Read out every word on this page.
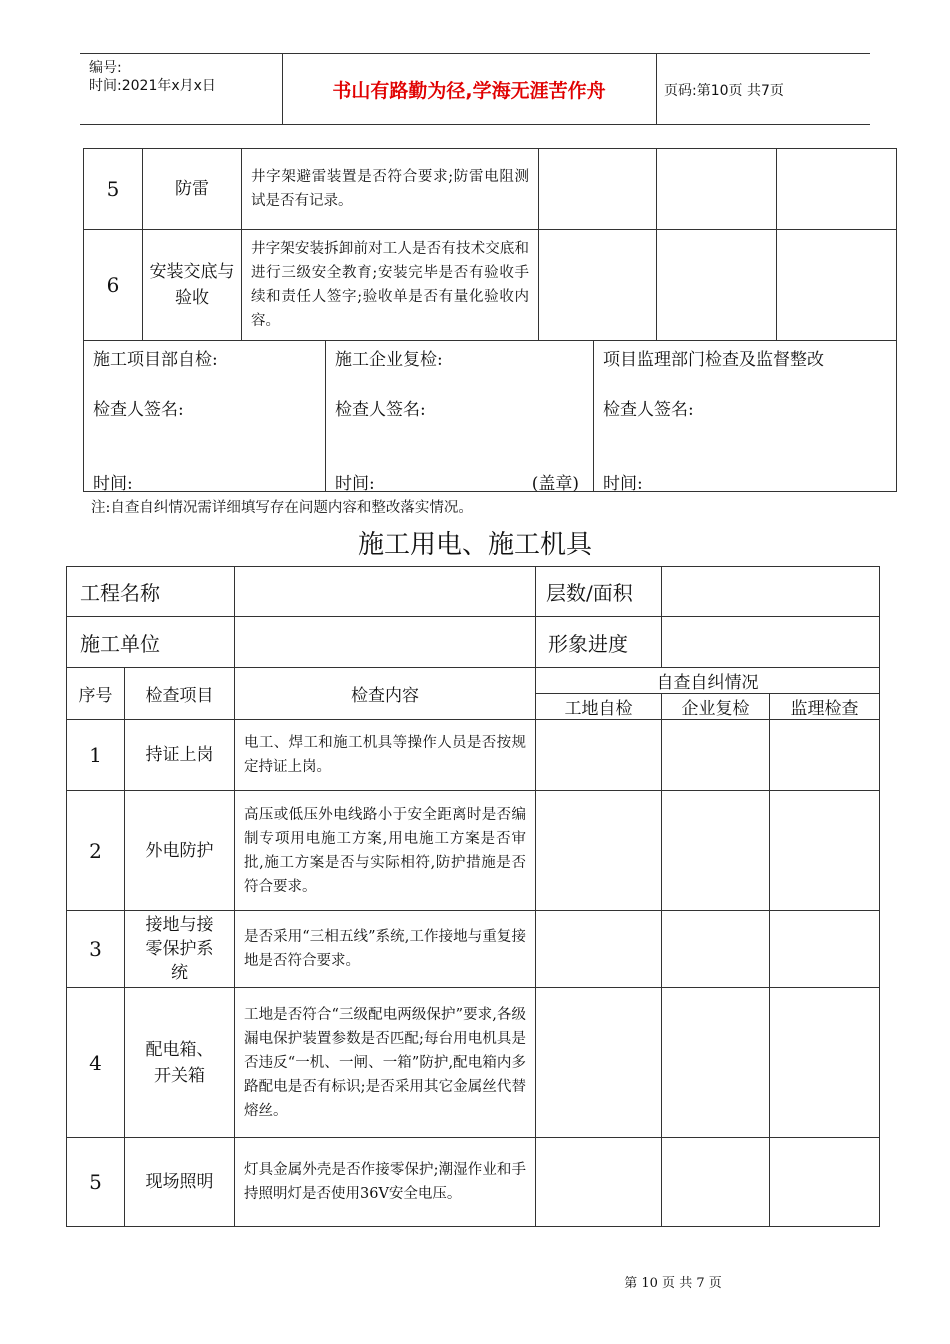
编号:
时间:2021年x月x日	书山有路勤为径,学海无涯苦作舟	页码:第10页 共7页
5	防雷	井字架避雷装置是否符合要求;防雷电阻测试是否有记录。			
6	安装交底与验收	井字架安装拆卸前对工人是否有技术交底和进行三级安全教育;安装完毕是否有验收手续和责任人签字;验收单是否有量化验收内容。			
施工项目部自检:
检查人签名:
时间:

施工企业复检:
检查人签名:
时间:	(盖章)

项目监理部门检查及监督整改
检查人签名:
时间:
注:自查自纠情况需详细填写存在问题内容和整改落实情况。
施工用电、施工机具
工程名称			层数/面积		
施工单位			形象进度		
序号	检查项目	检查内容	自查自纠情况		
			工地自检	企业复检	监理检查
1	持证上岗	电工、焊工和施工机具等操作人员是否按规定持证上岗。			
2	外电防护	高压或低压外电线路小于安全距离时是否编制专项用电施工方案,用电施工方案是否审批,施工方案是否与实际相符,防护措施是否符合要求。			
3	接地与接零保护系统	是否采用“三相五线”系统,工作接地与重复接地是否符合要求。			
4	配电箱、开关箱	工地是否符合“三级配电两级保护”要求,各级漏电保护装置参数是否匹配;每台用电机具是否违反“一机、一闸、一箱”防护,配电箱内多路配电是否有标识;是否采用其它金属丝代替熔丝。			
5	现场照明	灯具金属外壳是否作接零保护;潮湿作业和手持照明灯是否使用36V安全电压。			
第 10 页 共 7 页
